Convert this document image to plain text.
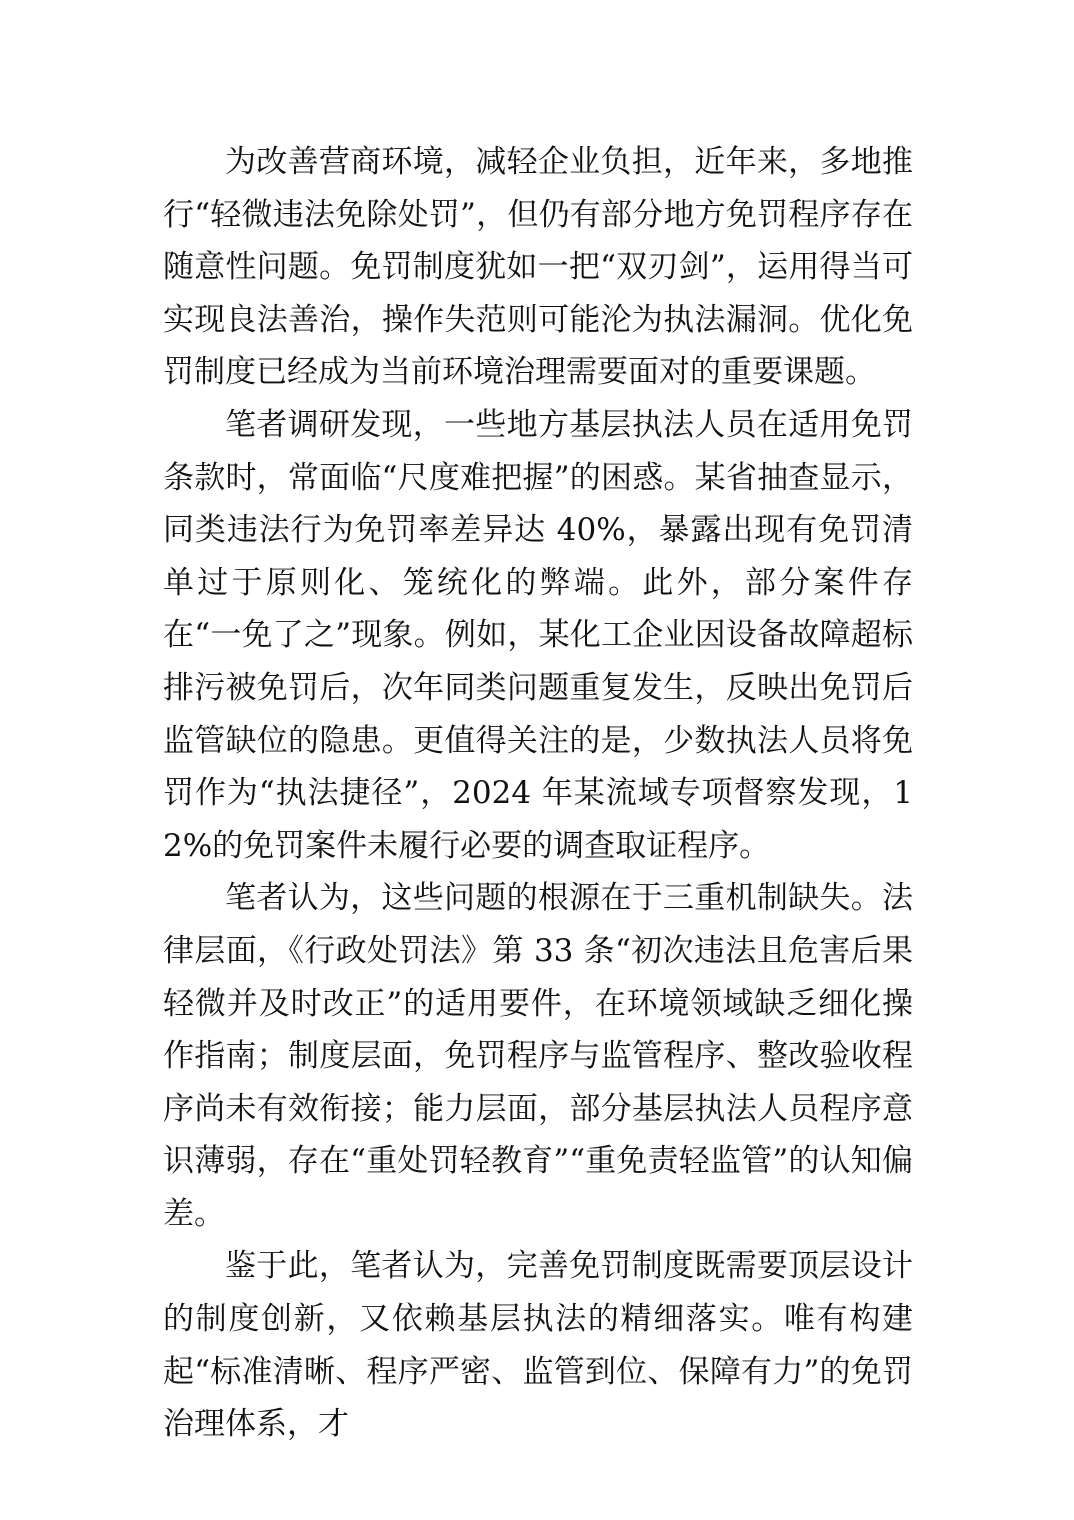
为改善营商环境，减轻企业负担，近年来，多地推行“轻微违法免除处罚”，但仍有部分地方免罚程序存在随意性问题。免罚制度犹如一把“双刃剑”，运用得当可实现良法善治，操作失范则可能沦为执法漏洞。优化免罚制度已经成为当前环境治理需要面对的重要课题。

笔者调研发现，一些地方基层执法人员在适用免罚条款时，常面临“尺度难把握”的困惑。某省抽查显示，同类违法行为免罚率差异达 40%，暴露出现有免罚清单过于原则化、笼统化的弊端。此外，部分案件存在“一免了之”现象。例如，某化工企业因设备故障超标排污被免罚后，次年同类问题重复发生，反映出免罚后监管缺位的隐患。更值得关注的是，少数执法人员将免罚作为“执法捷径”，2024 年某流域专项督察发现，12%的免罚案件未履行必要的调查取证程序。

笔者认为，这些问题的根源在于三重机制缺失。法律层面，《行政处罚法》第 33 条“初次违法且危害后果轻微并及时改正”的适用要件，在环境领域缺乏细化操作指南；制度层面，免罚程序与监管程序、整改验收程序尚未有效衔接；能力层面，部分基层执法人员程序意识薄弱，存在“重处罚轻教育”“重免责轻监管”的认知偏差。

鉴于此，笔者认为，完善免罚制度既需要顶层设计的制度创新，又依赖基层执法的精细落实。唯有构建起“标准清晰、程序严密、监管到位、保障有力”的免罚治理体系，才
